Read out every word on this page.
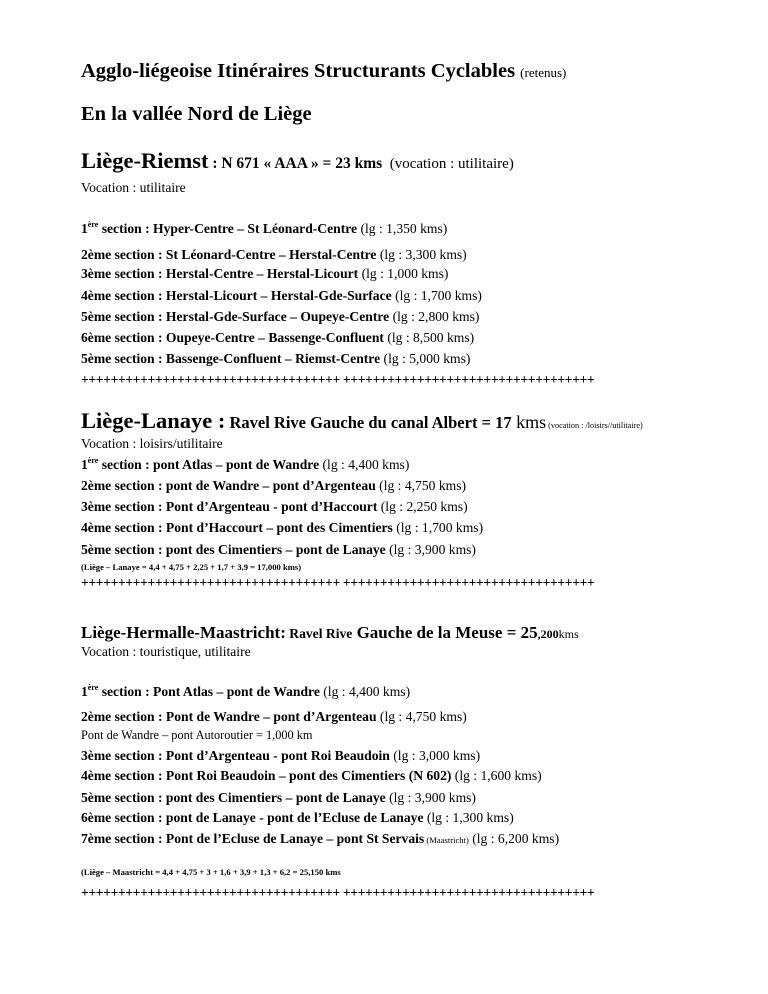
Agglo-liégeoise Itinéraires Structurants Cyclables (retenus)
En la vallée Nord de Liège
Liège-Riemst : N 671 « AAA » = 23 kms (vocation : utilitaire)
Vocation : utilitaire
1ère section : Hyper-Centre – St Léonard-Centre (lg : 1,350 kms)
2ème section : St Léonard-Centre – Herstal-Centre (lg : 3,300 kms)
3ème section : Herstal-Centre – Herstal-Licourt (lg : 1,000 kms)
4ème section : Herstal-Licourt – Herstal-Gde-Surface (lg : 1,700 kms)
5ème section : Herstal-Gde-Surface – Oupeye-Centre (lg : 2,800 kms)
6ème section : Oupeye-Centre – Bassenge-Confluent (lg : 8,500 kms)
5ème section : Bassenge-Confluent – Riemst-Centre (lg : 5,000 kms)
+++++++++++++++++++++++++++++++++++ ++++++++++++++++++++++++++++++++++
Liège-Lanaye : Ravel Rive Gauche du canal Albert = 17 kms (vocation : /loisirs//utilitaire)
Vocation : loisirs/utilitaire
1ère section : pont Atlas – pont de Wandre (lg : 4,400 kms)
2ème section : pont de Wandre – pont d’Argenteau (lg : 4,750 kms)
3ème section : Pont d’Argenteau - pont d’Haccourt (lg : 2,250 kms)
4ème section : Pont d’Haccourt – pont des Cimentiers (lg : 1,700 kms)
5ème section : pont des Cimentiers – pont de Lanaye (lg : 3,900 kms)
(Liège – Lanaye = 4,4 + 4,75 + 2,25 + 1,7 + 3,9 = 17,000 kms)
+++++++++++++++++++++++++++++++++++ ++++++++++++++++++++++++++++++++++
Liège-Hermalle-Maastricht: Ravel Rive Gauche de la Meuse = 25,200kms
Vocation : touristique, utilitaire
1ère section : Pont Atlas – pont de Wandre (lg : 4,400 kms)
2ème section : Pont de Wandre – pont d’Argenteau (lg : 4,750 kms)
Pont de Wandre – pont Autoroutier = 1,000 km
3ème section : Pont d’Argenteau - pont Roi Beaudoin (lg : 3,000 kms)
4ème section : Pont Roi Beaudoin – pont des Cimentiers (N 602) (lg : 1,600 kms)
5ème section : pont des Cimentiers – pont de Lanaye (lg : 3,900 kms)
6ème section : pont de Lanaye - pont de l’Ecluse de Lanaye (lg : 1,300 kms)
7ème section : Pont de l’Ecluse de Lanaye – pont St Servais (Maastricht) (lg : 6,200 kms)
(Liège – Maastricht = 4,4 + 4,75 + 3 + 1,6 + 3,9 + 1,3 + 6,2 = 25,150 kms
+++++++++++++++++++++++++++++++++++ ++++++++++++++++++++++++++++++++++
